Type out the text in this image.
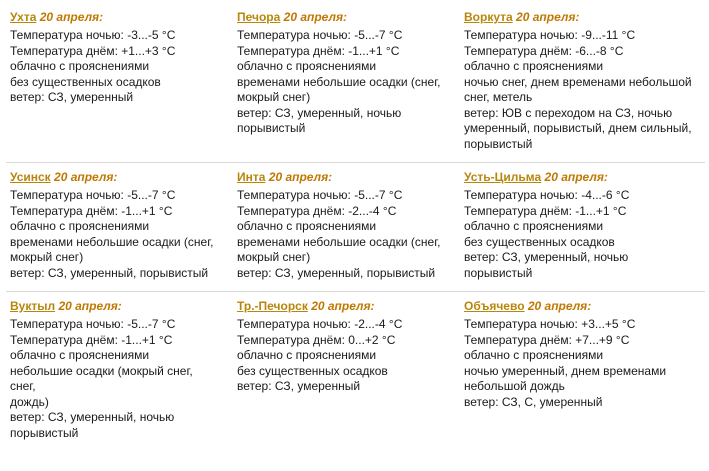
Ухта 20 апреля:

Температура ночью: -3...-5 °С

Температура днём: +1...+3 °С

облачно с прояснениями

без существенных осадков

ветер: СЗ, умеренный

Печора 20 апреля:

Температура ночью: -5...-7 °С

Температура днём: -1...+1 °С

облачно с прояснениями

временами небольшие осадки (снег,

мокрый снег)

ветер: СЗ, умеренный, ночью

порывистый

Воркута 20 апреля:

Температура ночью: -9...-11 °С

Температура днём: -6...-8 °С

облачно с прояснениями

ночью снег, днем временами небольшой

снег, метель

ветер: ЮВ с переходом на СЗ, ночью

умеренный, порывистый, днем сильный,

порывистый

Усинск 20 апреля:

Температура ночью: -5...-7 °С

Температура днём: -1...+1 °С

облачно с прояснениями

временами небольшие осадки (снег,

мокрый снег)

ветер: СЗ, умеренный, порывистый

Инта 20 апреля:

Температура ночью: -5...-7 °С

Температура днём: -2...-4 °С

облачно с прояснениями

временами небольшие осадки (снег,

мокрый снег)

ветер: СЗ, умеренный, порывистый

Усть-Цильма 20 апреля:

Температура ночью: -4...-6 °С

Температура днём: -1...+1 °С

облачно с прояснениями

без существенных осадков

ветер: СЗ, умеренный, ночью

порывистый

Вуктыл 20 апреля:

Температура ночью: -5...-7 °С

Температура днём: -1...+1 °С

облачно с прояснениями

небольшие осадки (мокрый снег, снег,

дождь)

ветер: СЗ, умеренный, ночью

порывистый

Тр.-Печорск 20 апреля:

Температура ночью: -2...-4 °С

Температура днём: 0...+2 °С

облачно с прояснениями

без существенных осадков

ветер: СЗ, умеренный

Объячево 20 апреля:

Температура ночью: +3...+5 °С

Температура днём: +7...+9 °С

облачно с прояснениями

ночью умеренный, днем временами

небольшой дождь

ветер: СЗ, С, умеренный
